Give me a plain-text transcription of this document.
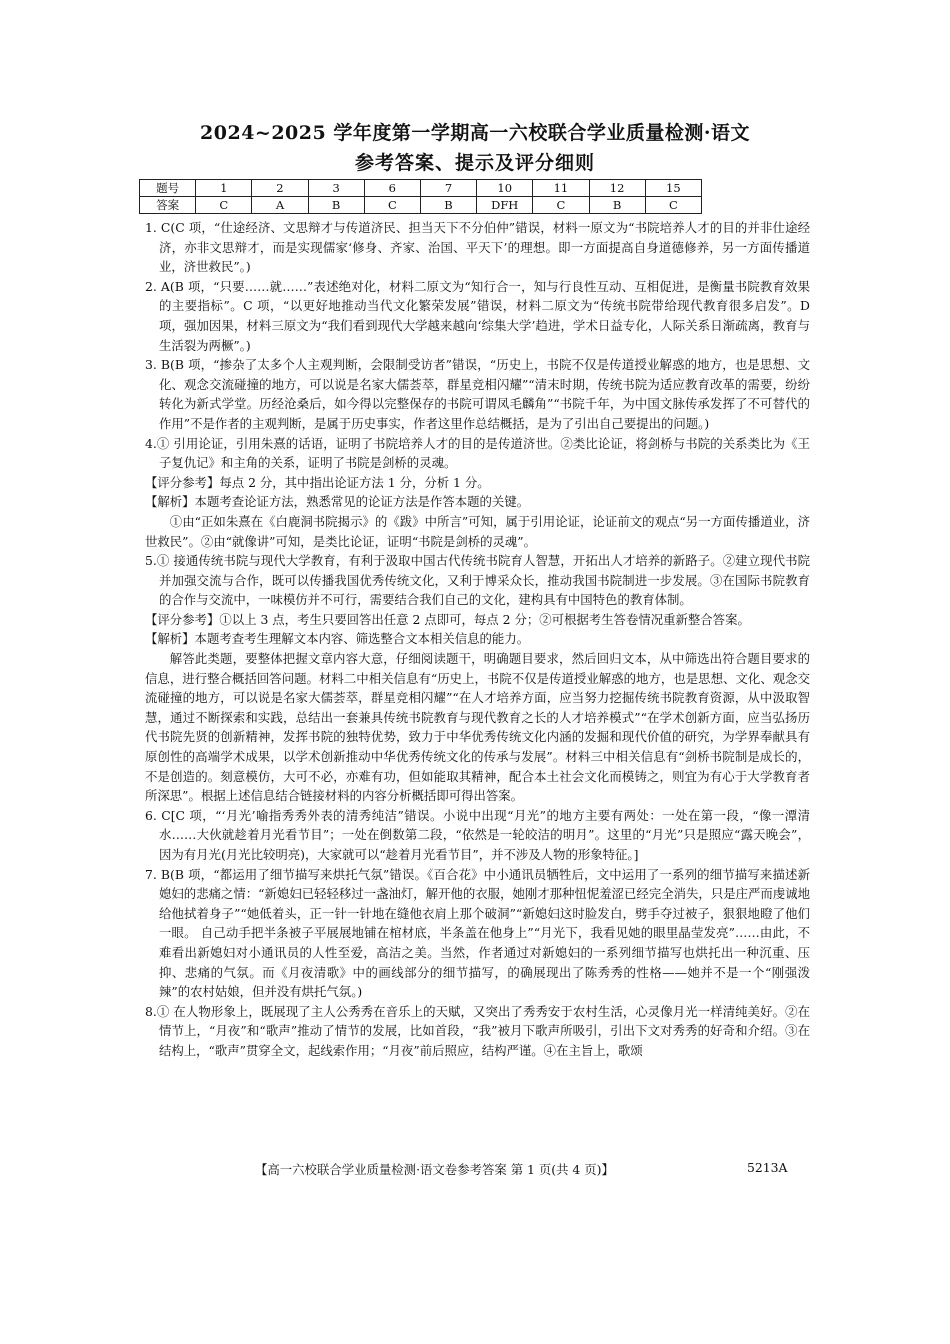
2024~2025 学年度第一学期高一六校联合学业质量检测·语文
参考答案、提示及评分细则
题号	1	2	3	6	7	10	11	12	15
答案	C	A	B	C	B	DFH	C	B	C

1. C(C 项，“仕途经济、文思辩才与传道济民、担当天下不分伯仲”错误，材料一原文为“书院培养人才的目的并非仕途经济，亦非文思辩才，而是实现儒家‘修身、齐家、治国、平天下’的理想。即一方面提高自身道德修养，另一方面传播道业，济世救民”。)

2. A(B 项，“只要……就……”表述绝对化，材料二原文为“知行合一，知与行良性互动、互相促进，是衡量书院教育效果的主要指标”。C 项，“以更好地推动当代文化繁荣发展”错误，材料二原文为“传统书院带给现代教育很多启发”。D 项，强加因果，材料三原文为“我们看到现代大学越来越向‘综集大学’趋进，学术日益专化，人际关系日渐疏离，教育与生活裂为两橛”。)

3. B(B 项，“掺杂了太多个人主观判断，会限制受访者”错误，“历史上，书院不仅是传道授业解惑的地方，也是思想、文化、观念交流碰撞的地方，可以说是名家大儒荟萃，群星竞相闪耀”“清末时期，传统书院为适应教育改革的需要，纷纷转化为新式学堂。历经沧桑后，如今得以完整保存的书院可谓凤毛麟角”“书院千年，为中国文脉传承发挥了不可替代的作用”不是作者的主观判断，是属于历史事实，作者这里作总结概括，是为了引出自己要提出的问题。)

4.① 引用论证，引用朱熹的话语，证明了书院培养人才的目的是传道济世。②类比论证，将剑桥与书院的关系类比为《王子复仇记》和主角的关系，证明了书院是剑桥的灵魂。

【评分参考】每点 2 分，其中指出论证方法 1 分，分析 1 分。

【解析】本题考查论证方法，熟悉常见的论证方法是作答本题的关键。

①由“正如朱熹在《白鹿洞书院揭示》的《跋》中所言”可知，属于引用论证，论证前文的观点“另一方面传播道业，济世救民”。②由“就像讲”可知，是类比论证，证明“书院是剑桥的灵魂”。

5.① 接通传统书院与现代大学教育，有利于汲取中国古代传统书院育人智慧，开拓出人才培养的新路子。②建立现代书院并加强交流与合作，既可以传播我国优秀传统文化，又利于博采众长，推动我国书院制进一步发展。③在国际书院教育的合作与交流中，一味模仿并不可行，需要结合我们自己的文化，建构具有中国特色的教育体制。

【评分参考】①以上 3 点，考生只要回答出任意 2 点即可，每点 2 分；②可根据考生答卷情况重新整合答案。

【解析】本题考查考生理解文本内容、筛选整合文本相关信息的能力。

解答此类题，要整体把握文章内容大意，仔细阅读题干，明确题目要求，然后回归文本，从中筛选出符合题目要求的信息，进行整合概括回答问题。材料二中相关信息有“历史上，书院不仅是传道授业解惑的地方，也是思想、文化、观念交流碰撞的地方，可以说是名家大儒荟萃，群星竞相闪耀”“在人才培养方面，应当努力挖掘传统书院教育资源，从中汲取智慧，通过不断探索和实践，总结出一套兼具传统书院教育与现代教育之长的人才培养模式”“在学术创新方面，应当弘扬历代书院先贤的创新精神，发挥书院的独特优势，致力于中华优秀传统文化内涵的发掘和现代价值的研究，为学界奉献具有原创性的高端学术成果，以学术创新推动中华优秀传统文化的传承与发展”。材料三中相关信息有“剑桥书院制是成长的，不是创造的。刻意模仿，大可不必，亦难有功，但如能取其精神，配合本土社会文化而模铸之，则宜为有心于大学教育者所深思”。根据上述信息结合链接材料的内容分析概括即可得出答案。

6. C[C 项，“‘月光’喻指秀秀外表的清秀纯洁”错误。小说中出现“月光”的地方主要有两处：一处在第一段，“像一潭清水……大伙就趁着月光看节目”；一处在倒数第二段，“依然是一轮皎洁的明月”。这里的“月光”只是照应“露天晚会”，因为有月光(月光比较明亮)，大家就可以“趁着月光看节目”，并不涉及人物的形象特征。]

7. B(B 项，“都运用了细节描写来烘托气氛”错误。《百合花》中小通讯员牺牲后，文中运用了一系列的细节描写来描述新媳妇的悲痛之情：“新媳妇已轻轻移过一盏油灯，解开他的衣服，她刚才那种忸怩羞涩已经完全消失，只是庄严而虔诚地给他拭着身子”“她低着头，正一针一针地在缝他衣肩上那个破洞”“新媳妇这时脸发白，劈手夺过被子，狠狠地瞪了他们一眼。 自己动手把半条被子平展展地铺在棺材底，半条盖在他身上”“月光下，我看见她的眼里晶莹发亮”……由此，不难看出新媳妇对小通讯员的人性至爱，高洁之美。当然，作者通过对新媳妇的一系列细节描写也烘托出一种沉重、压抑、悲痛的气氛。而《月夜清歌》中的画线部分的细节描写，的确展现出了陈秀秀的性格——她并不是一个“刚强泼辣”的农村姑娘，但并没有烘托气氛。)

8.① 在人物形象上，既展现了主人公秀秀在音乐上的天赋，又突出了秀秀安于农村生活，心灵像月光一样清纯美好。②在情节上，“月夜”和“歌声”推动了情节的发展，比如首段，“我”被月下歌声所吸引，引出下文对秀秀的好奇和介绍。③在结构上，“歌声”贯穿全文，起线索作用；“月夜”前后照应，结构严谨。④在主旨上，歌颂

【高一六校联合学业质量检测·语文卷参考答案 第 1 页(共 4 页)】	5213A
